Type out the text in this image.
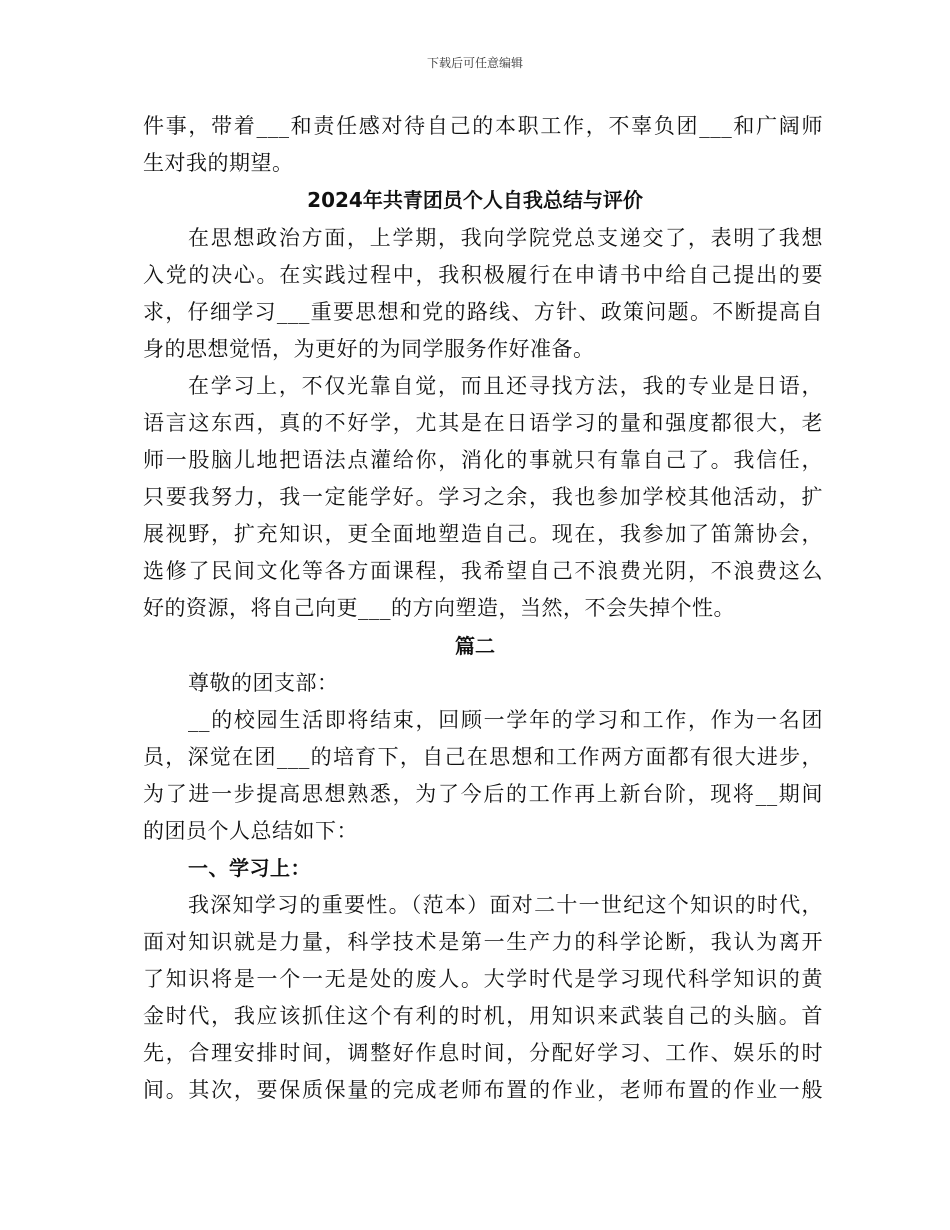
下载后可任意编辑
件事，带着___和责任感对待自己的本职工作，不辜负团___和广阔师
生对我的期望。
2024年共青团员个人自我总结与评价
在思想政治方面，上学期，我向学院党总支递交了，表明了我想
入党的决心。在实践过程中，我积极履行在申请书中给自己提出的要
求，仔细学习___重要思想和党的路线、方针、政策问题。不断提高自
身的思想觉悟，为更好的为同学服务作好准备。
在学习上，不仅光靠自觉，而且还寻找方法，我的专业是日语，
语言这东西，真的不好学，尤其是在日语学习的量和强度都很大，老
师一股脑儿地把语法点灌给你，消化的事就只有靠自己了。我信任，
只要我努力，我一定能学好。学习之余，我也参加学校其他活动，扩
展视野，扩充知识，更全面地塑造自己。现在，我参加了笛箫协会，
选修了民间文化等各方面课程，我希望自己不浪费光阴，不浪费这么
好的资源，将自己向更___的方向塑造，当然，不会失掉个性。
篇二
尊敬的团支部：
__的校园生活即将结束，回顾一学年的学习和工作，作为一名团
员，深觉在团___的培育下，自己在思想和工作两方面都有很大进步，
为了进一步提高思想熟悉，为了今后的工作再上新台阶，现将__期间
的团员个人总结如下：
一、学习上：
我深知学习的重要性。（范本）面对二十一世纪这个知识的时代，
面对知识就是力量，科学技术是第一生产力的科学论断，我认为离开
了知识将是一个一无是处的废人。大学时代是学习现代科学知识的黄
金时代，我应该抓住这个有利的时机，用知识来武装自己的头脑。首
先，合理安排时间，调整好作息时间，分配好学习、工作、娱乐的时
间。其次，要保质保量的完成老师布置的作业，老师布置的作业一般
